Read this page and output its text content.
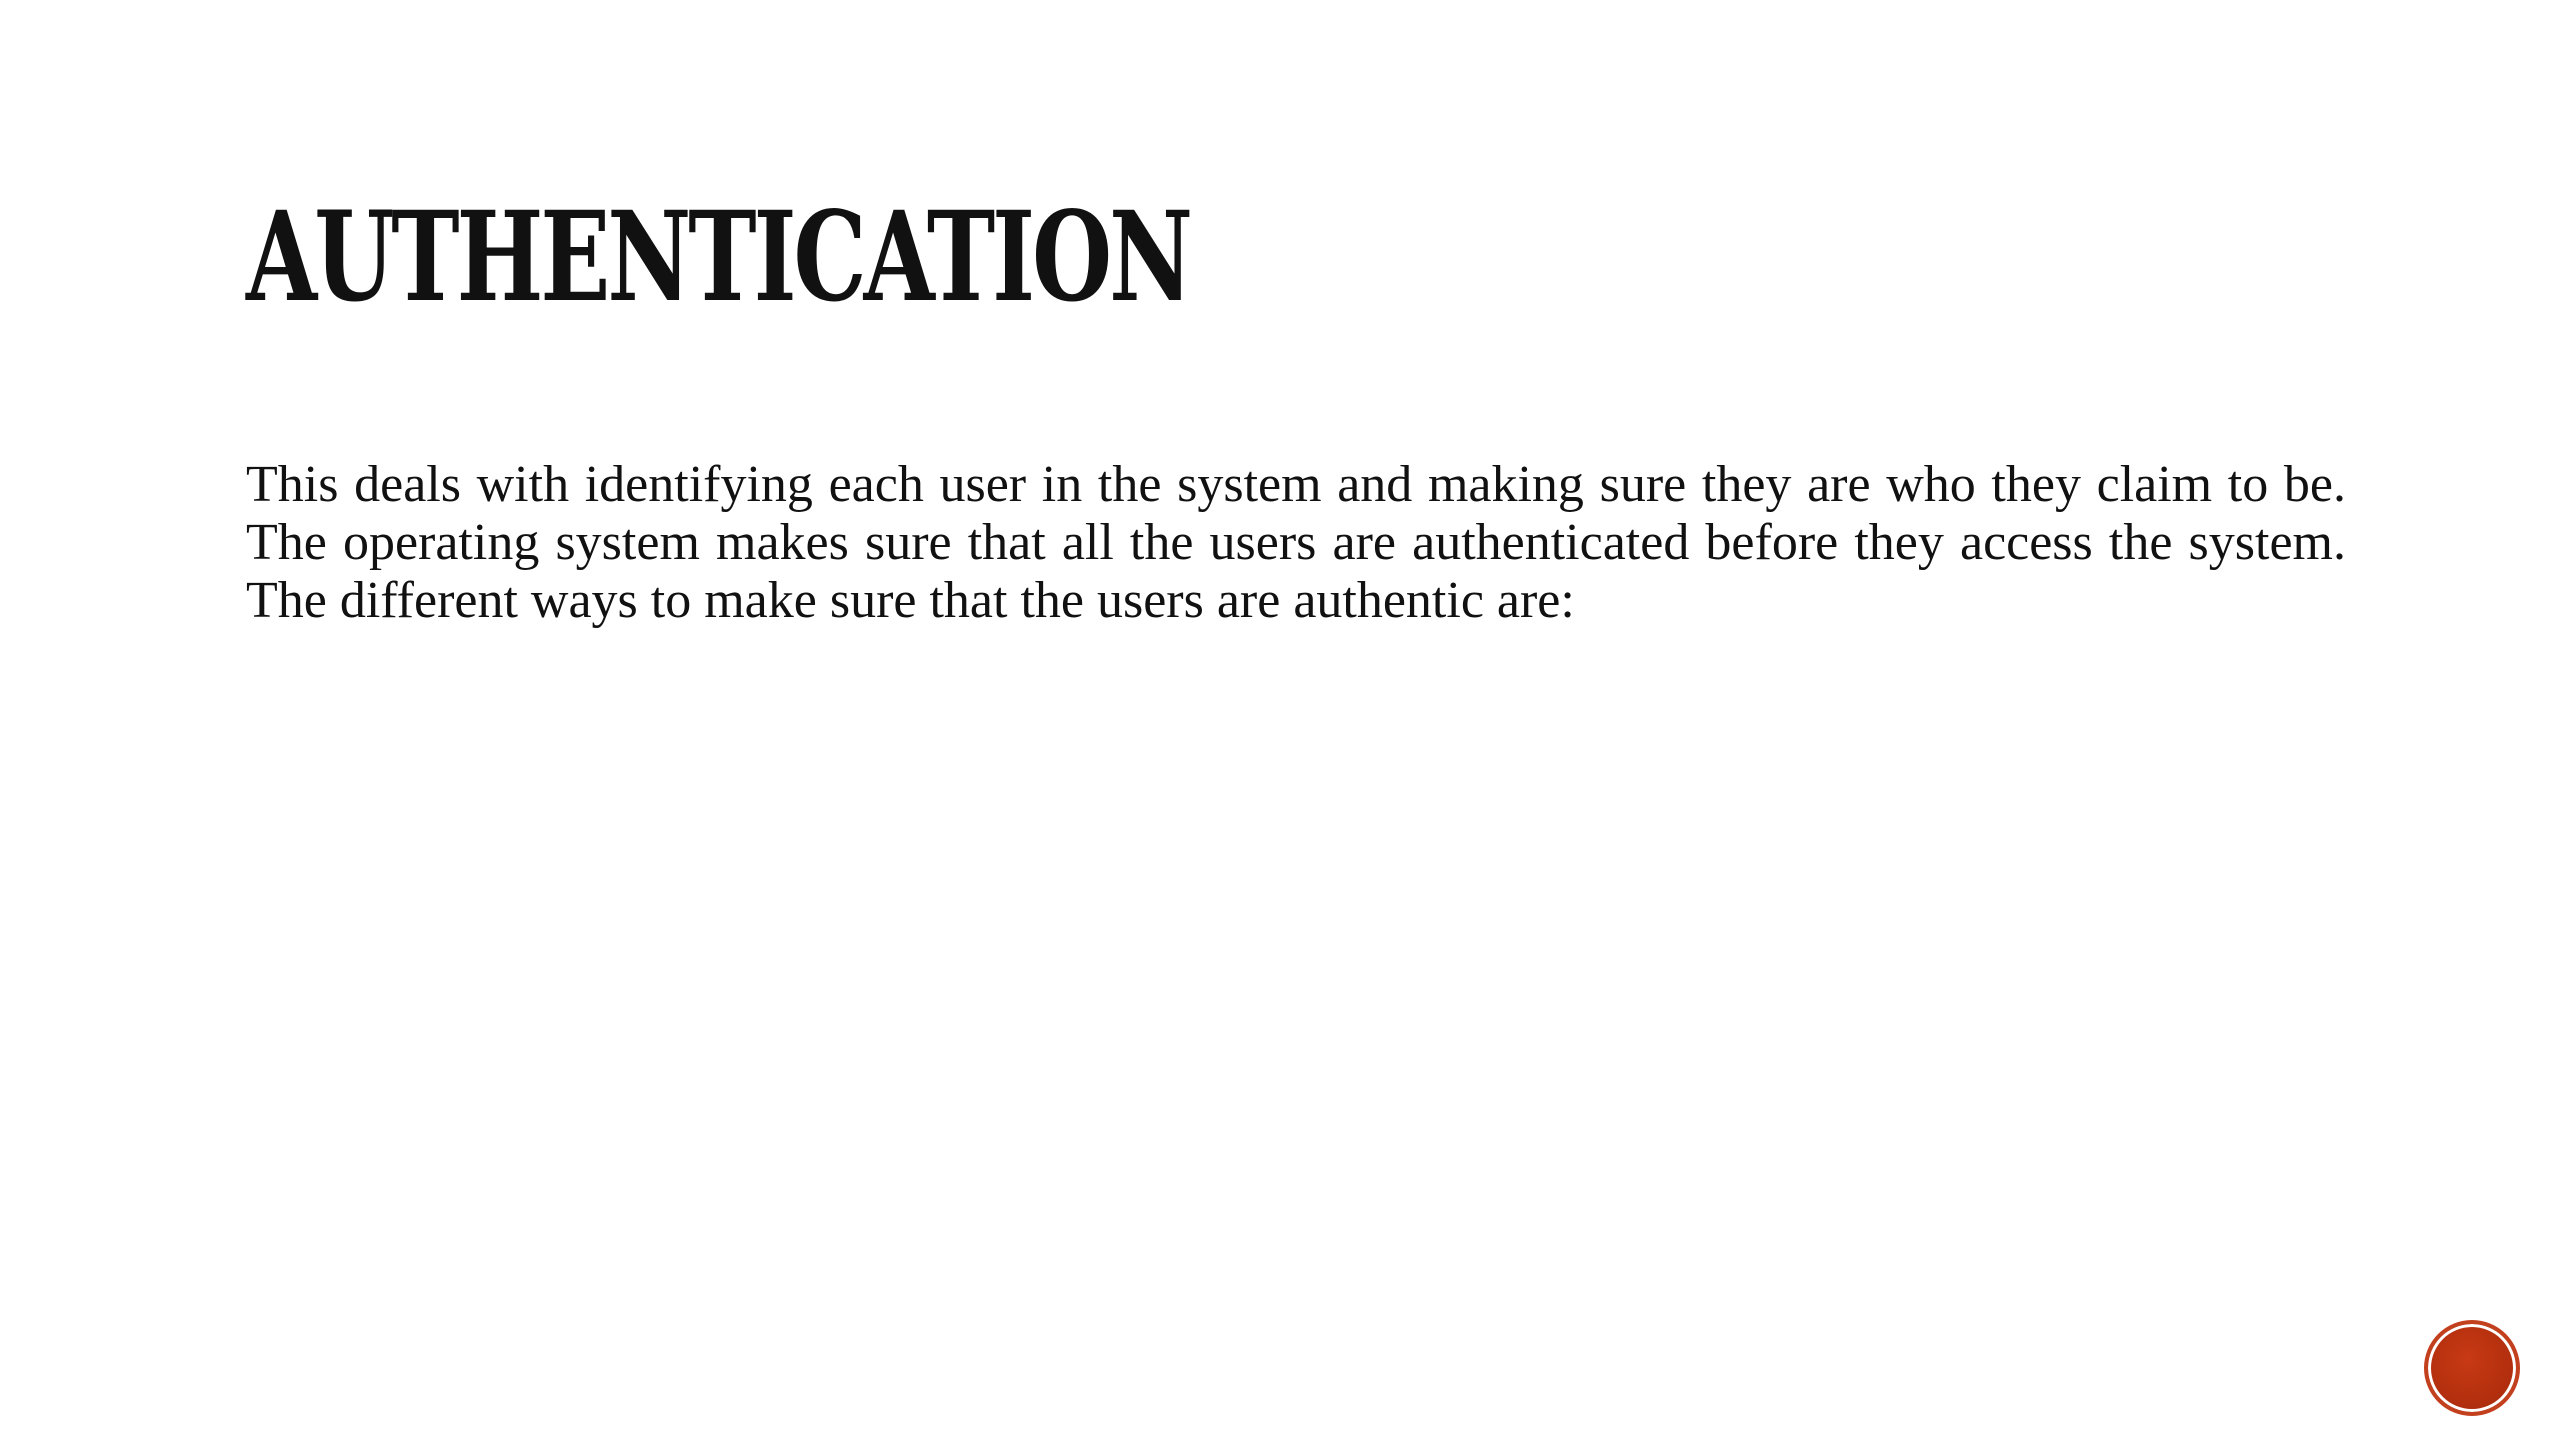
AUTHENTICATION

This deals with identifying each user in the system and making sure they are who they claim to be. The operating system makes sure that all the users are authenticated before they access the system. The different ways to make sure that the users are authentic are:
